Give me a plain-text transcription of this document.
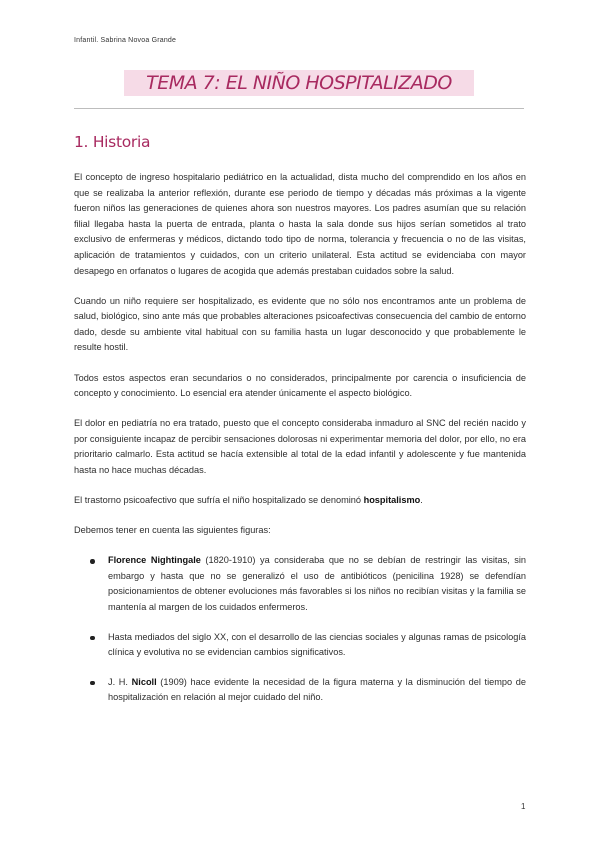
Infantil. Sabrina Novoa Grande
TEMA 7: EL NIÑO HOSPITALIZADO
1. Historia

El concepto de ingreso hospitalario pediátrico en la actualidad, dista mucho del comprendido en los años en que se realizaba la anterior reflexión, durante ese periodo de tiempo y décadas más próximas a la vigente fueron niños las generaciones de quienes ahora son nuestros mayores. Los padres asumían que su relación filial llegaba hasta la puerta de entrada, planta o hasta la sala donde sus hijos serían sometidos al trato exclusivo de enfermeras y médicos, dictando todo tipo de norma, tolerancia y frecuencia o no de las visitas, aplicación de tratamientos y cuidados, con un criterio unilateral. Esta actitud se evidenciaba con mayor desapego en orfanatos o lugares de acogida que además prestaban cuidados sobre la salud.

Cuando un niño requiere ser hospitalizado, es evidente que no sólo nos encontramos ante un problema de salud, biológico, sino ante más que probables alteraciones psicoafectivas consecuencia del cambio de entorno dado, desde su ambiente vital habitual con su familia hasta un lugar desconocido y que probablemente le resulte hostil.

Todos estos aspectos eran secundarios o no considerados, principalmente por carencia o insuficiencia de concepto y conocimiento. Lo esencial era atender únicamente el aspecto biológico.

El dolor en pediatría no era tratado, puesto que el concepto consideraba inmaduro al SNC del recién nacido y por consiguiente incapaz de percibir sensaciones dolorosas ni experimentar memoria del dolor, por ello, no era prioritario calmarlo. Esta actitud se hacía extensible al total de la edad infantil y adolescente y fue mantenida hasta no hace muchas décadas.

El trastorno psicoafectivo que sufría el niño hospitalizado se denominó hospitalismo.

Debemos tener en cuenta las siguientes figuras:

Florence Nightingale (1820-1910) ya consideraba que no se debían de restringir las visitas, sin embargo y hasta que no se generalizó el uso de antibióticos (penicilina 1928) se defendían posicionamientos de obtener evoluciones más favorables si los niños no recibían visitas y la familia se mantenía al margen de los cuidados enfermeros.
Hasta mediados del siglo XX, con el desarrollo de las ciencias sociales y algunas ramas de psicología clínica y evolutiva no se evidencian cambios significativos.
J. H. Nicoll (1909) hace evidente la necesidad de la figura materna y la disminución del tiempo de hospitalización en relación al mejor cuidado del niño.
1
